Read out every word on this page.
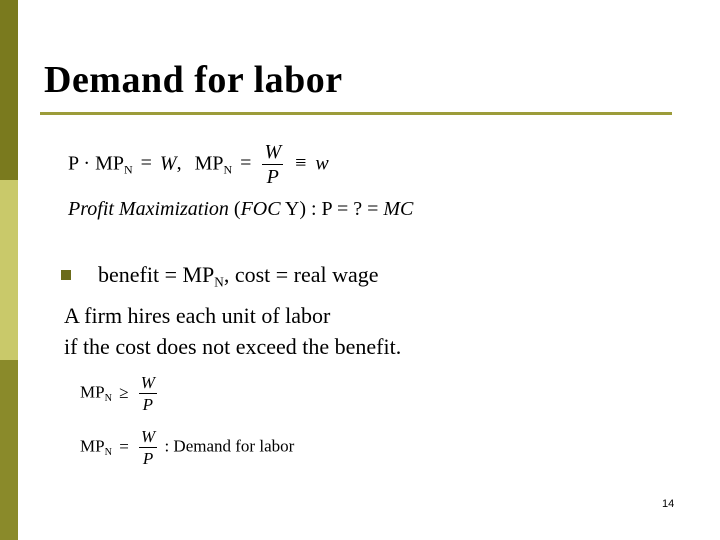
Demand for labor
$P \cdot MP_N = W$, $MP_N = \frac{W}{P} \equiv w$
Profit Maximization (FOC Y) : P = ? = MC
benefit = $MP_N$, cost = real wage
A firm hires each unit of labor
if the cost does not exceed the benefit.
$MP_N \ge \frac{W}{P}$
$MP_N = \frac{W}{P}$ : Demand for labor
14
